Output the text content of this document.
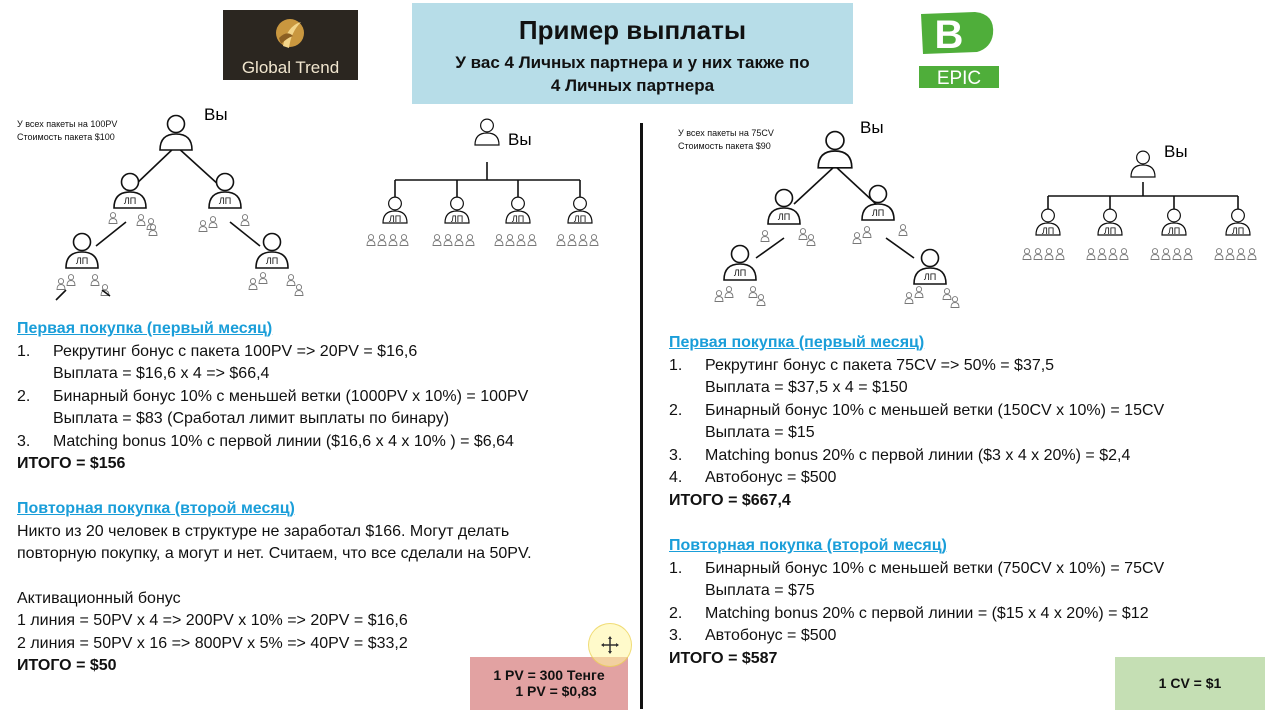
Global Trend
B
EPIC
Пример выплаты
У вас 4 Личных партнера и у них также по
4 Личных партнера
У всех пакеты на 100PV
Стоимость пакета $100
Вы
ЛП	ЛП
ЛП	ЛП
Вы
ЛП	ЛП	ЛП	ЛП
У всех пакеты на 75CV
Стоимость пакета $90
Вы
ЛП	ЛП
ЛП	ЛП
Вы
ЛП	ЛП	ЛП	ЛП
Первая покупка (первый месяц)
1. Рекрутинг бонус с пакета 100PV => 20PV = $16,6
Выплата = $16,6 x 4 => $66,4
2. Бинарный бонус 10% с меньшей ветки (1000PV x 10%) = 100PV
Выплата = $83 (Сработал лимит выплаты по бинару)
3. Matching bonus 10% с первой линии ($16,6 x 4 x 10% ) = $6,64
ИТОГО = $156
Повторная покупка (второй месяц)
Никто из 20 человек в структуре не заработал $166. Могут делать
повторную покупку, а могут и нет. Считаем, что все сделали на 50PV.
Активационный бонус
1 линия = 50PV x 4 => 200PV x 10% => 20PV = $16,6
2 линия = 50PV x 16 => 800PV x 5% => 40PV = $33,2
ИТОГО = $50
Первая покупка (первый месяц)
1. Рекрутинг бонус с пакета 75CV => 50% = $37,5
Выплата = $37,5 x 4 = $150
2. Бинарный бонус 10% с меньшей ветки (150CV x 10%) = 15CV
Выплата = $15
3. Matching bonus 20% с первой линии ($3 x 4 x 20%) = $2,4
4. Автобонус = $500
ИТОГО = $667,4
Повторная покупка (второй месяц)
1. Бинарный бонус 10% с меньшей ветки (750CV x 10%) = 75CV
Выплата = $75
2. Matching bonus 20% с первой линии = ($15 x 4 x 20%) = $12
3. Автобонус = $500
ИТОГО = $587
1 PV = 300 Тенге
1 PV = $0,83	1 CV = $1
